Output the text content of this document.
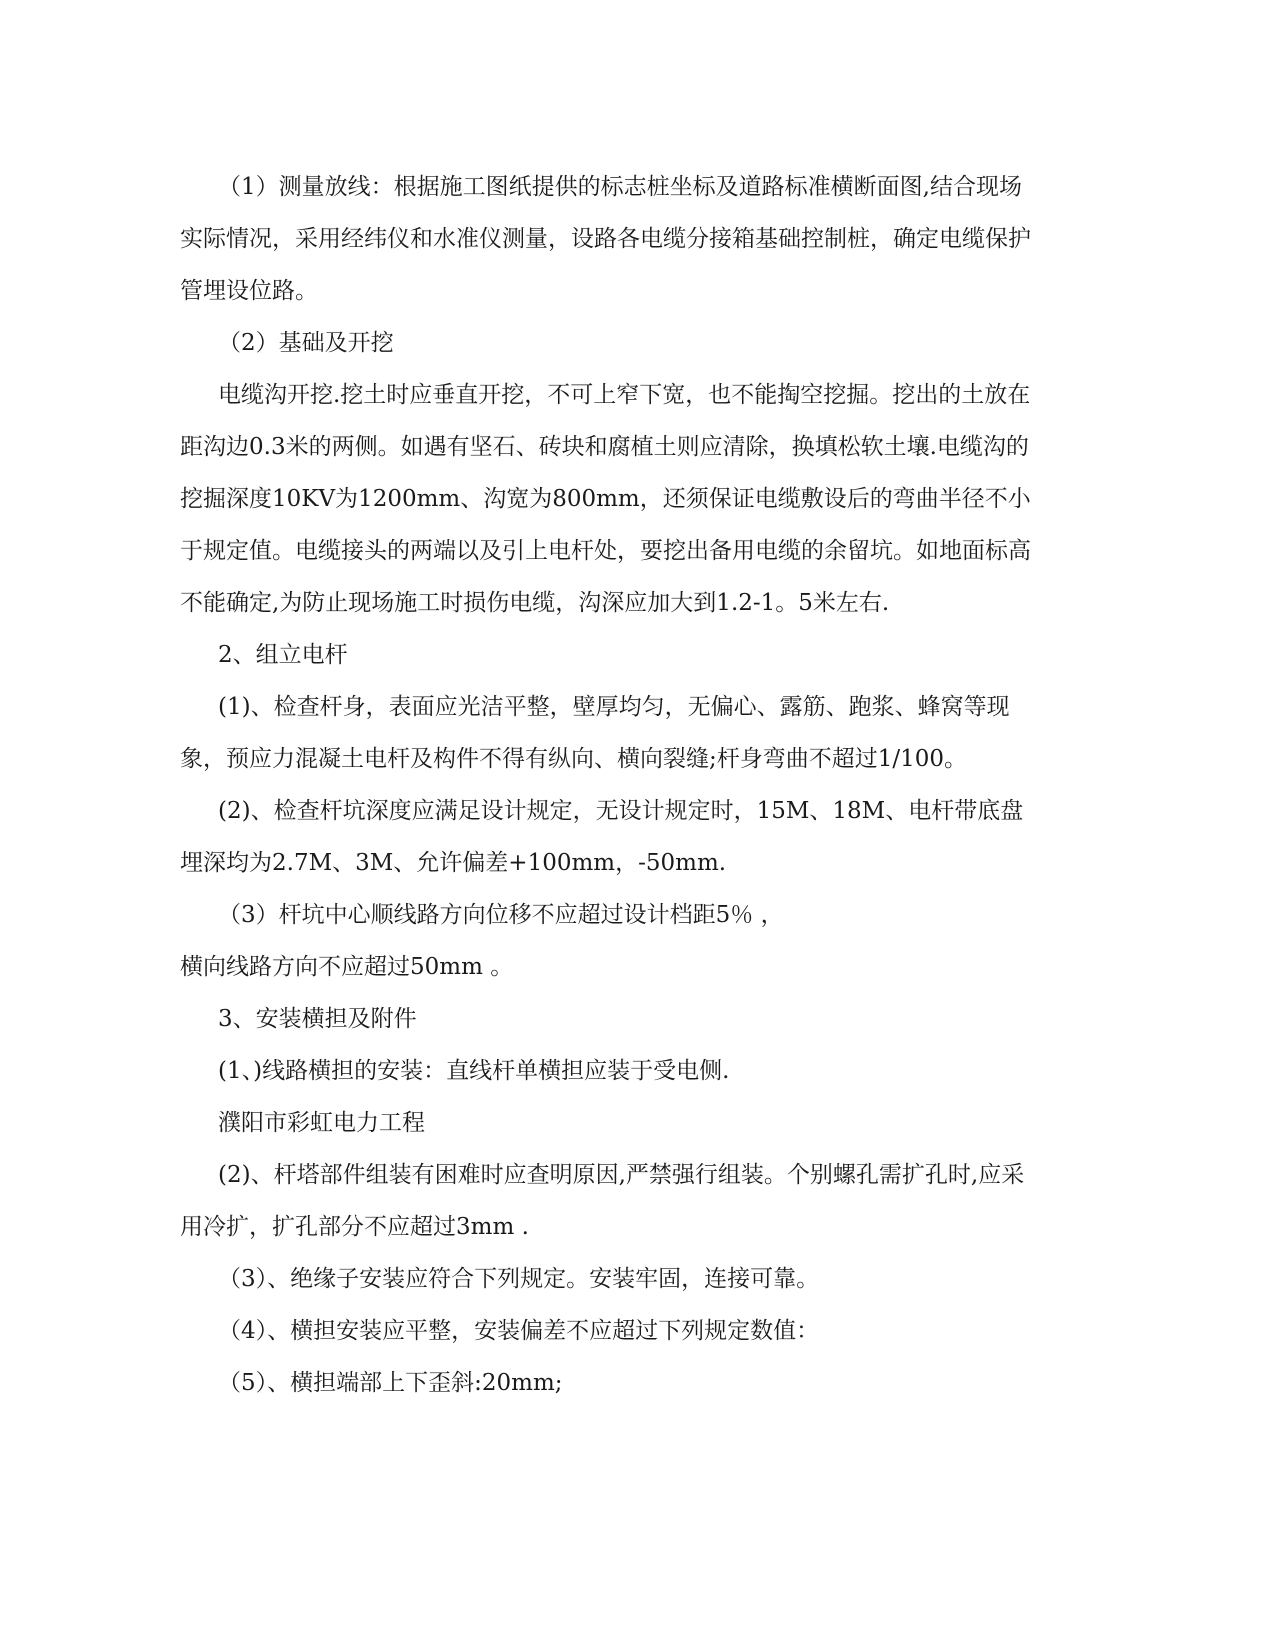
（1）测量放线：根据施工图纸提供的标志桩坐标及道路标准横断面图,结合现场实际情况，采用经纬仪和水准仪测量，设路各电缆分接箱基础控制桩，确定电缆保护管埋设位路。

（2）基础及开挖

电缆沟开挖.挖土时应垂直开挖，不可上窄下宽，也不能掏空挖掘。挖出的土放在距沟边0.3米的两侧。如遇有坚石、砖块和腐植土则应清除，换填松软土壤.电缆沟的挖掘深度10KV为1200mm、沟宽为800mm，还须保证电缆敷设后的弯曲半径不小于规定值。电缆接头的两端以及引上电杆处，要挖出备用电缆的余留坑。如地面标高不能确定,为防止现场施工时损伤电缆，沟深应加大到1.2-1。5米左右.

2、组立电杆

(1)、检查杆身，表面应光洁平整，壁厚均匀，无偏心、露筋、跑浆、蜂窝等现象，预应力混凝土电杆及构件不得有纵向、横向裂缝;杆身弯曲不超过1/100。

(2)、检查杆坑深度应满足设计规定，无设计规定时，15M、18M、电杆带底盘埋深均为2.7M、3M、允许偏差+100mm，-50mm.

（3）杆坑中心顺线路方向位移不应超过设计档距5％ ，

横向线路方向不应超过50mm 。

3、安装横担及附件

(1、)线路横担的安装：直线杆单横担应装于受电侧.

濮阳市彩虹电力工程

(2)、杆塔部件组装有困难时应查明原因,严禁强行组装。个别螺孔需扩孔时,应采用冷扩，扩孔部分不应超过3mm .

（3）、绝缘子安装应符合下列规定。安装牢固，连接可靠。

（4）、横担安装应平整，安装偏差不应超过下列规定数值：

（5）、横担端部上下歪斜:20mm;
